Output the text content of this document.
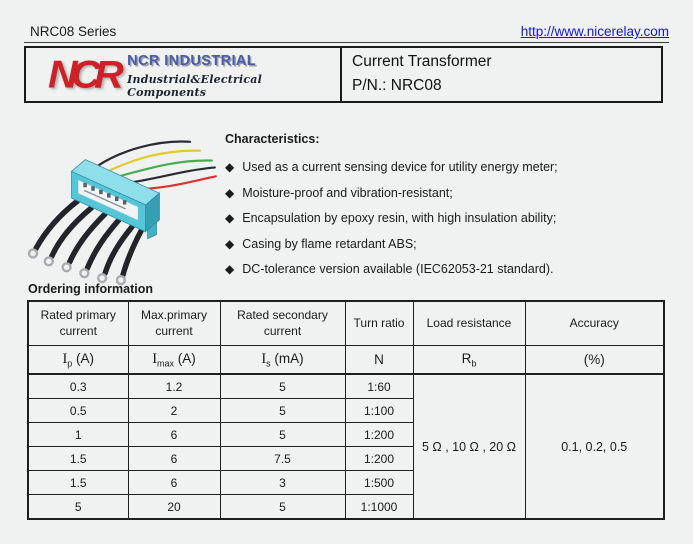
NRC08 Series	http://www.nicerelay.com
NCR NCR INDUSTRIAL
Industrial&Electrical Components
Current Transformer
P/N.: NRC08
Characteristics:
◆ Used as a current sensing device for utility energy meter;
◆ Moisture-proof and vibration-resistant;
◆ Encapsulation by epoxy resin, with high insulation ability;
◆ Casing by flame retardant ABS;
◆ DC-tolerance version available (IEC62053-21 standard).
Ordering information
Rated primary current	Max.primary current	Rated secondary current	Turn ratio	Load resistance	Accuracy
$I_p$ (A)	$I_{max}$ (A)	$I_s$ (mA)	N	$R_b$	(%)
0.3	1.2	5	1:60	5 Ω , 10 Ω , 20 Ω	0.1, 0.2, 0.5
0.5	2	5	1:100		
1	6	5	1:200		
1.5	6	7.5	1:200		
1.5	6	3	1:500		
5	20	5	1:1000		
